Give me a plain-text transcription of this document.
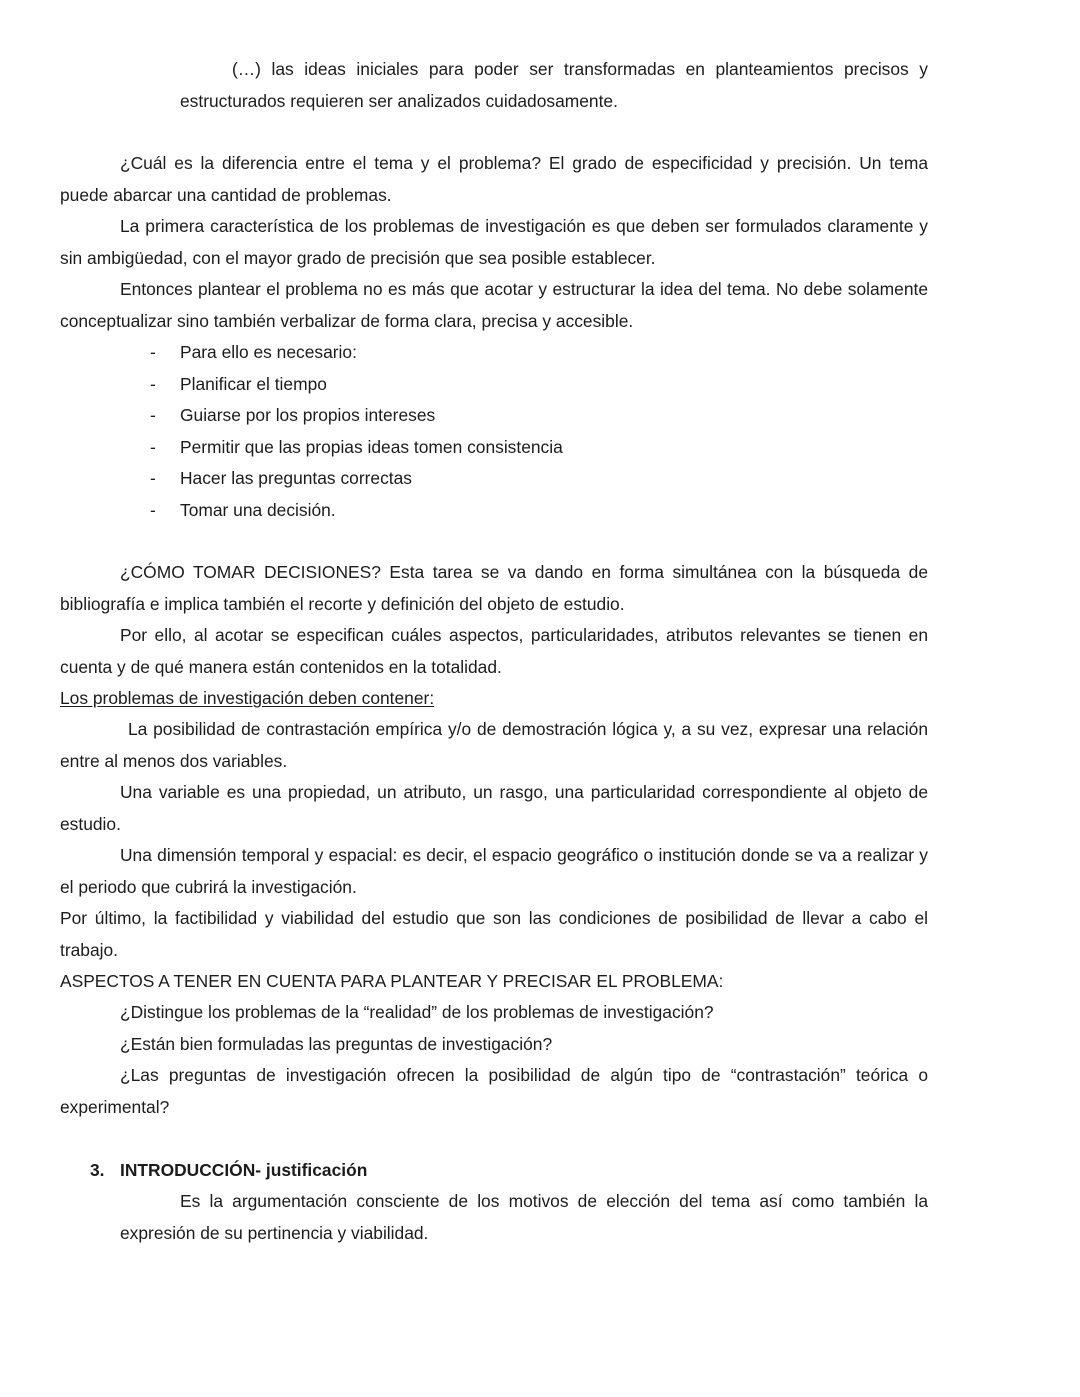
(…) las ideas iniciales para poder ser transformadas en planteamientos precisos y estructurados requieren ser analizados cuidadosamente.

¿Cuál es la diferencia entre el tema y el problema? El grado de especificidad y precisión. Un tema puede abarcar una cantidad de problemas.

La primera característica de los problemas de investigación es que deben ser formulados claramente y sin ambigüedad, con el mayor grado de precisión que sea posible establecer.

Entonces plantear el problema no es más que acotar y estructurar la idea del tema. No debe solamente conceptualizar sino también verbalizar de forma clara, precisa y accesible.

- Para ello es necesario:
- Planificar el tiempo
- Guiarse por los propios intereses
- Permitir que las propias ideas tomen consistencia
- Hacer las preguntas correctas
- Tomar una decisión.

¿CÓMO TOMAR DECISIONES? Esta tarea se va dando en forma simultánea con la búsqueda de bibliografía e implica también el recorte y definición del objeto de estudio.

Por ello, al acotar se especifican cuáles aspectos, particularidades, atributos relevantes se tienen en cuenta y de qué manera están contenidos en la totalidad.

Los problemas de investigación deben contener:

La posibilidad de contrastación empírica y/o de demostración lógica y, a su vez, expresar una relación entre al menos dos variables.

Una variable es una propiedad, un atributo, un rasgo, una particularidad correspondiente al objeto de estudio.

Una dimensión temporal y espacial: es decir, el espacio geográfico o institución donde se va a realizar y el periodo que cubrirá la investigación.

Por último, la factibilidad y viabilidad del estudio que son las condiciones de posibilidad de llevar a cabo el trabajo.

ASPECTOS A TENER EN CUENTA PARA PLANTEAR Y PRECISAR EL PROBLEMA:

¿Distingue los problemas de la “realidad” de los problemas de investigación?

¿Están bien formuladas las preguntas de investigación?

¿Las preguntas de investigación ofrecen la posibilidad de algún tipo de “contrastación” teórica o experimental?

3. INTRODUCCIÓN- justificación

Es la argumentación consciente de los motivos de elección del tema así como también la expresión de su pertinencia y viabilidad.
